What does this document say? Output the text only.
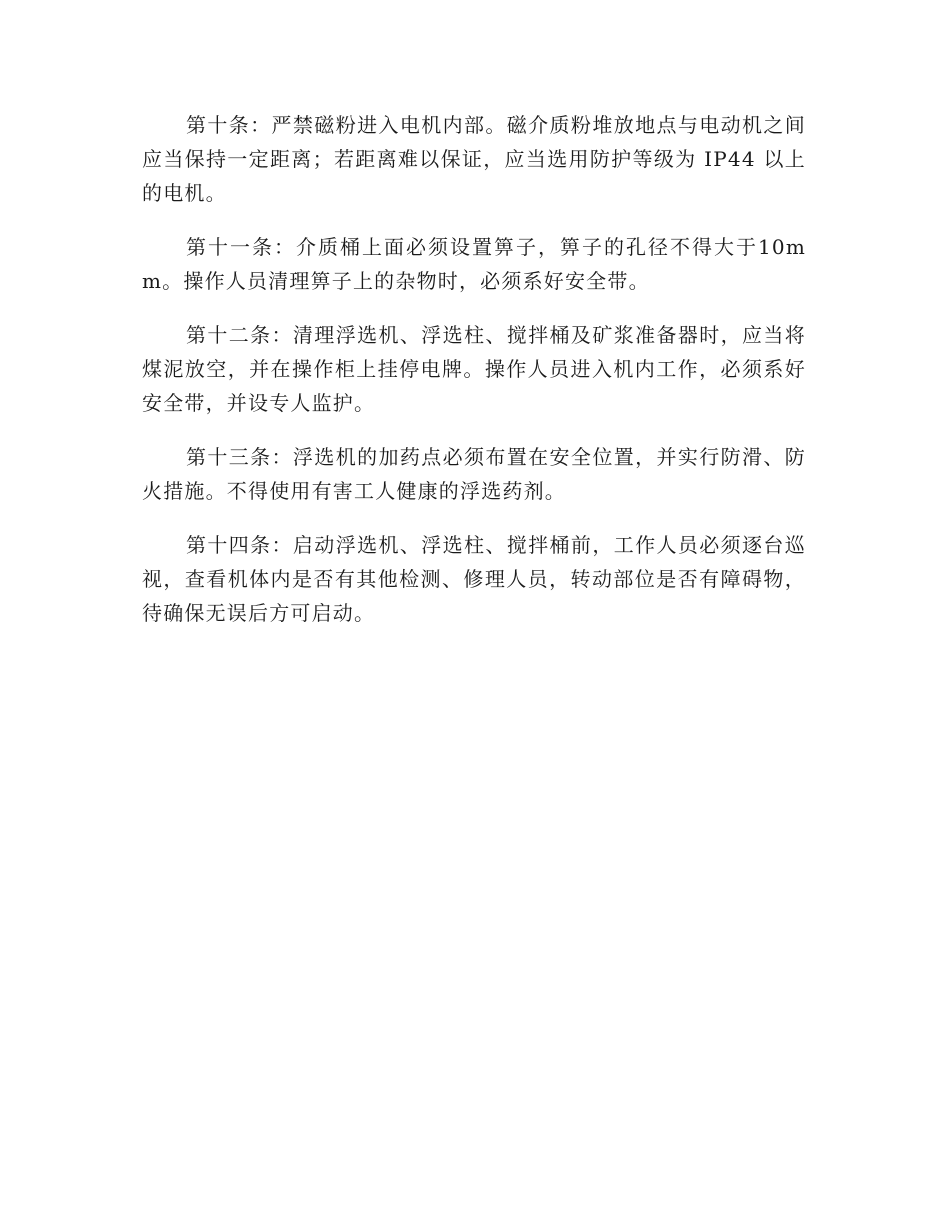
第十条：严禁磁粉进入电机内部。磁介质粉堆放地点与电动机之间应当保持一定距离；若距离难以保证，应当选用防护等级为 IP44 以上的电机。

第十一条：介质桶上面必须设置箅子，箅子的孔径不得大于10mm。操作人员清理箅子上的杂物时，必须系好安全带。

第十二条：清理浮选机、浮选柱、搅拌桶及矿浆准备器时，应当将煤泥放空，并在操作柜上挂停电牌。操作人员进入机内工作，必须系好安全带，并设专人监护。

第十三条：浮选机的加药点必须布置在安全位置，并实行防滑、防火措施。不得使用有害工人健康的浮选药剂。

第十四条：启动浮选机、浮选柱、搅拌桶前，工作人员必须逐台巡视，查看机体内是否有其他检测、修理人员，转动部位是否有障碍物，待确保无误后方可启动。
